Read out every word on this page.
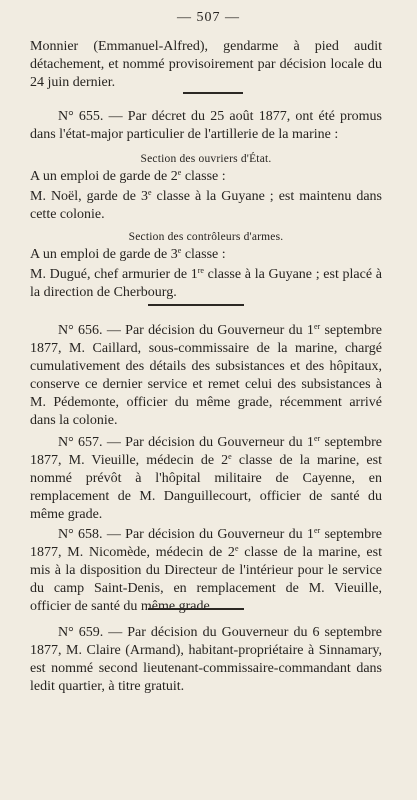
— 507 —

Monnier (Emmanuel-Alfred), gendarme à pied audit détachement, et nommé provisoirement par décision locale du 24 juin dernier.

N° 655. — Par décret du 25 août 1877, ont été promus dans l'état-major particulier de l'artillerie de la marine :

Section des ouvriers d'État.

A un emploi de garde de 2e classe :

M. Noël, garde de 3e classe à la Guyane ; est maintenu dans cette colonie.

Section des contrôleurs d'armes.

A un emploi de garde de 3e classe :

M. Dugué, chef armurier de 1re classe à la Guyane ; est placé à la direction de Cherbourg.

N° 656. — Par décision du Gouverneur du 1er septembre 1877, M. Caillard, sous-commissaire de la marine, chargé cumulativement des détails des subsistances et des hôpitaux, conserve ce dernier service et remet celui des subsistances à M. Pédemonte, officier du même grade, récemment arrivé dans la colonie.

N° 657. — Par décision du Gouverneur du 1er septembre 1877, M. Vieuille, médecin de 2e classe de la marine, est nommé prévôt à l'hôpital militaire de Cayenne, en remplacement de M. Danguillecourt, officier de santé du même grade.

N° 658. — Par décision du Gouverneur du 1er septembre 1877, M. Nicomède, médecin de 2e classe de la marine, est mis à la disposition du Directeur de l'intérieur pour le service du camp Saint-Denis, en remplacement de M. Vieuille, officier de santé du même grade.

N° 659. — Par décision du Gouverneur du 6 septembre 1877, M. Claire (Armand), habitant-propriétaire à Sinnamary, est nommé second lieutenant-commissaire-commandant dans ledit quartier, à titre gratuit.
